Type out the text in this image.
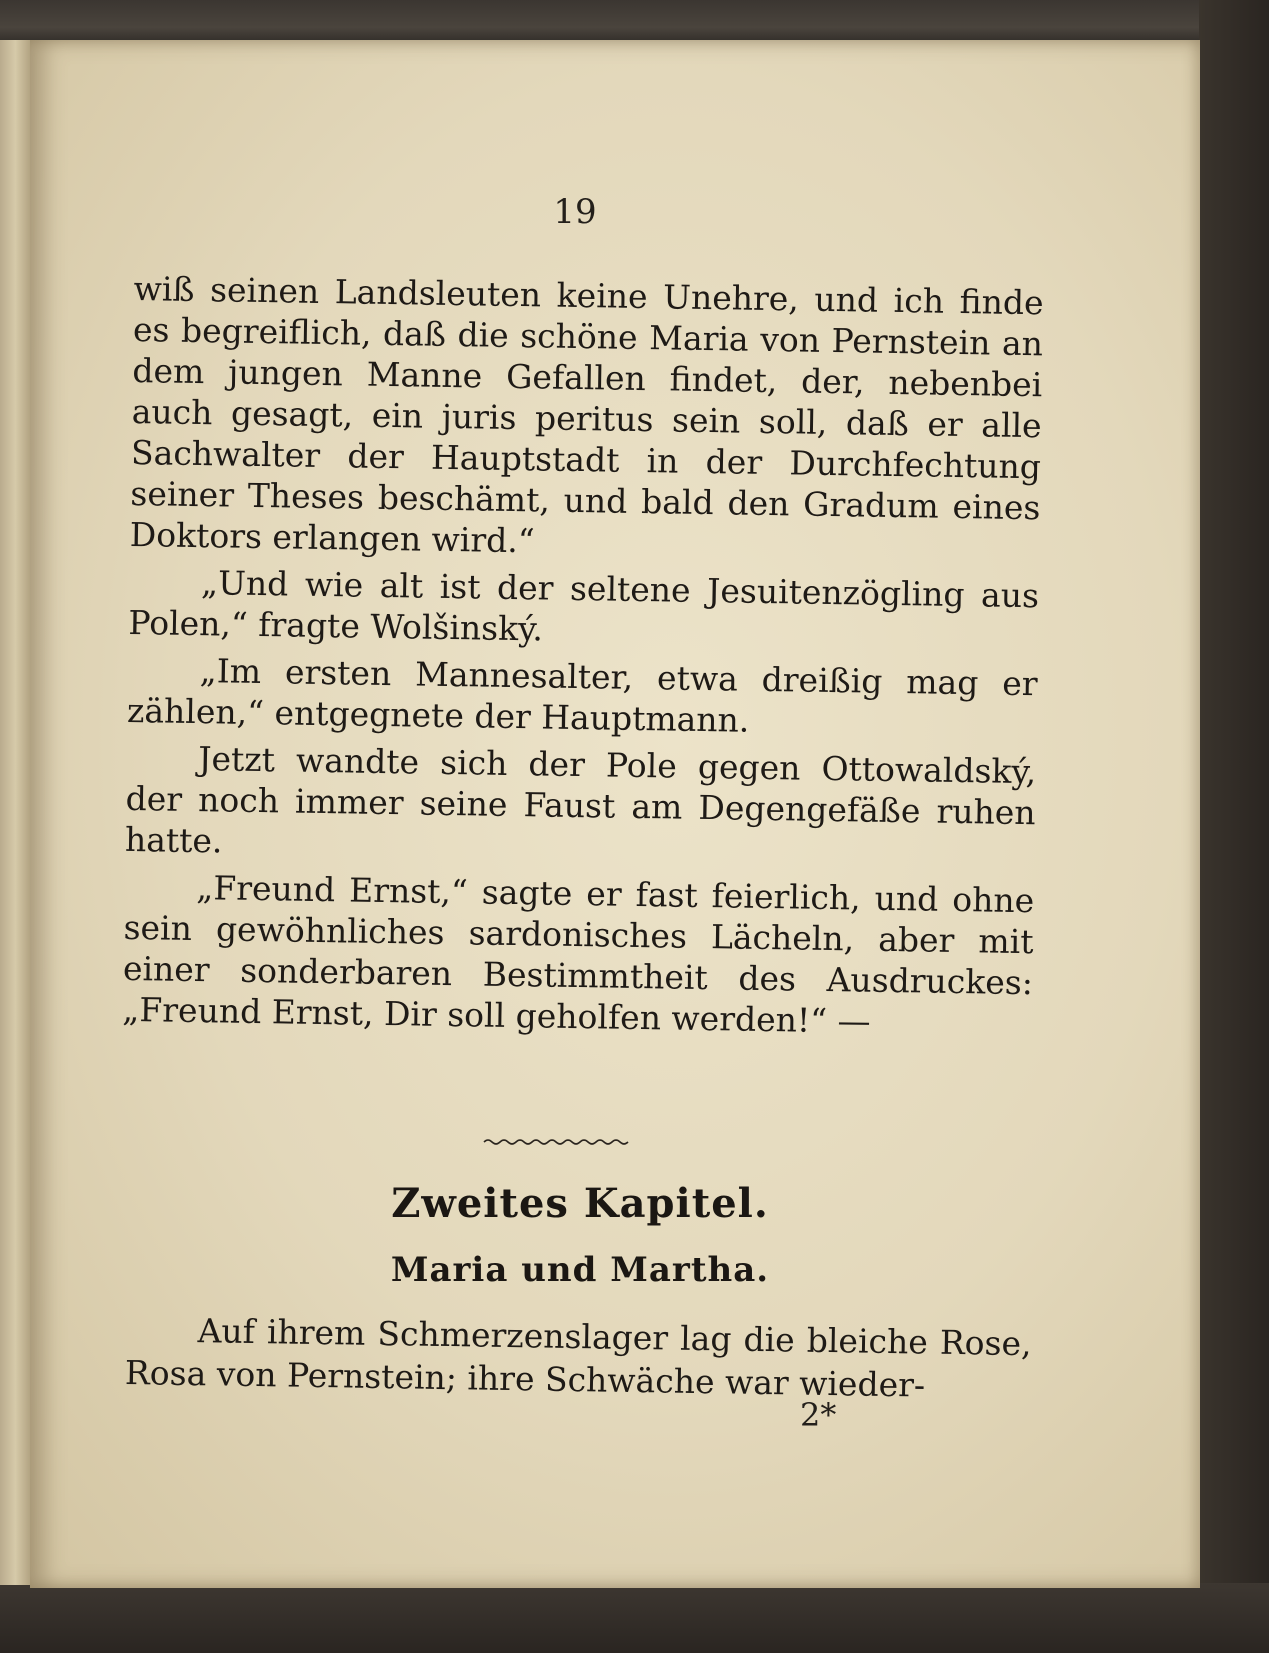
19

wiß seinen Landsleuten keine Unehre, und ich finde es begreiflich, daß die schöne Maria von Pernstein an dem jungen Manne Gefallen findet, der, nebenbei auch gesagt, ein juris peritus sein soll, daß er alle Sachwalter der Hauptstadt in der Durchfechtung seiner Theses beschämt, und bald den Gradum eines Doktors erlangen wird.“

„Und wie alt ist der seltene Jesuitenzögling aus Polen,“ fragte Wolšinský.

„Im ersten Mannesalter, etwa dreißig mag er zählen,“ entgegnete der Hauptmann.

Jetzt wandte sich der Pole gegen Ottowaldský, der noch immer seine Faust am Degengefäße ruhen hatte.

„Freund Ernst,“ sagte er fast feierlich, und ohne sein gewöhnliches sardonisches Lächeln, aber mit einer sonderbaren Bestimmtheit des Ausdruckes: „Freund Ernst, Dir soll geholfen werden!“ —

Zweites Kapitel.
Maria und Martha.
Auf ihrem Schmerzenslager lag die bleiche Rose, Rosa von Pernstein; ihre Schwäche war wieder-
2*
